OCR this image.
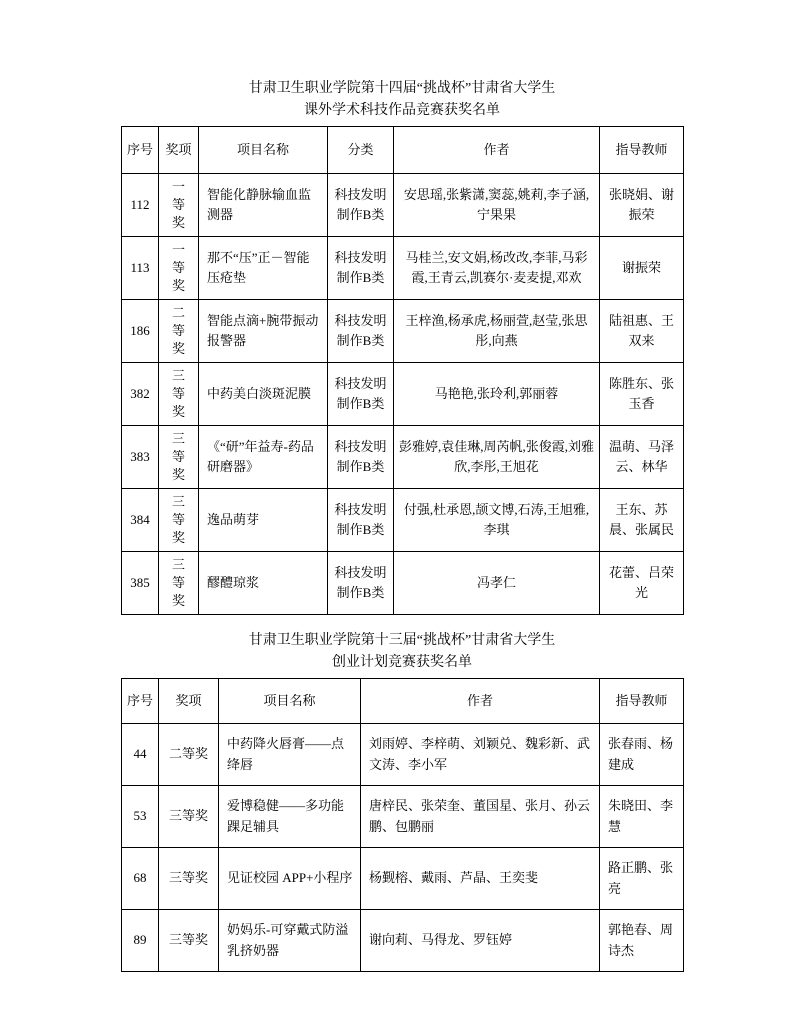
甘肃卫生职业学院第十四届“挑战杯”甘肃省大学生
课外学术科技作品竞赛获奖名单
序号	奖项	项目名称	分类	作者	指导教师
112	一等奖	智能化静脉输血监测器	科技发明制作B类	安思瑶,张紫潇,窦蕊,姚莉,李子涵,宁果果	张晓娟、谢振荣
113	一等奖	那不“压”正－智能压疮垫	科技发明制作B类	马桂兰,安文娟,杨改改,李菲,马彩霞,王青云,凯赛尔·麦麦提,邓欢	谢振荣
186	二等奖	智能点滴+腕带振动报警器	科技发明制作B类	王梓渔,杨承虎,杨丽萱,赵莹,张思彤,向燕	陆祖惠、王双来
382	三等奖	中药美白淡斑泥膜	科技发明制作B类	马艳艳,张玲利,郭丽蓉	陈胜东、张玉香
383	三等奖	《“研”年益寿-药品研磨器》	科技发明制作B类	彭雅婷,袁佳琳,周芮帆,张俊霞,刘雅欣,李彤,王旭花	温萌、马泽云、林华
384	三等奖	逸品萌芽	科技发明制作B类	付强,杜承恩,颉文博,石涛,王旭雅,李琪	王东、苏晨、张属民
385	三等奖	醪醴琼浆	科技发明制作B类	冯孝仁	花蕾、吕荣光
甘肃卫生职业学院第十三届“挑战杯”甘肃省大学生
创业计划竞赛获奖名单
序号	奖项	项目名称	作者	指导教师
44	二等奖	中药降火唇膏——点绛唇	刘雨婷、李梓萌、刘颖兑、魏彩新、武文涛、李小军	张春雨、杨建成
53	三等奖	爱博稳健——多功能踝足辅具	唐梓民、张荣奎、董国星、张月、孙云鹏、包鹏丽	朱晓田、李慧
68	三等奖	见证校园 APP+小程序	杨觐榕、戴雨、芦晶、王奕斐	路正鹏、张亮
89	三等奖	奶妈乐-可穿戴式防溢乳挤奶器	谢向莉、马得龙、罗钰婷	郭艳春、周诗杰
